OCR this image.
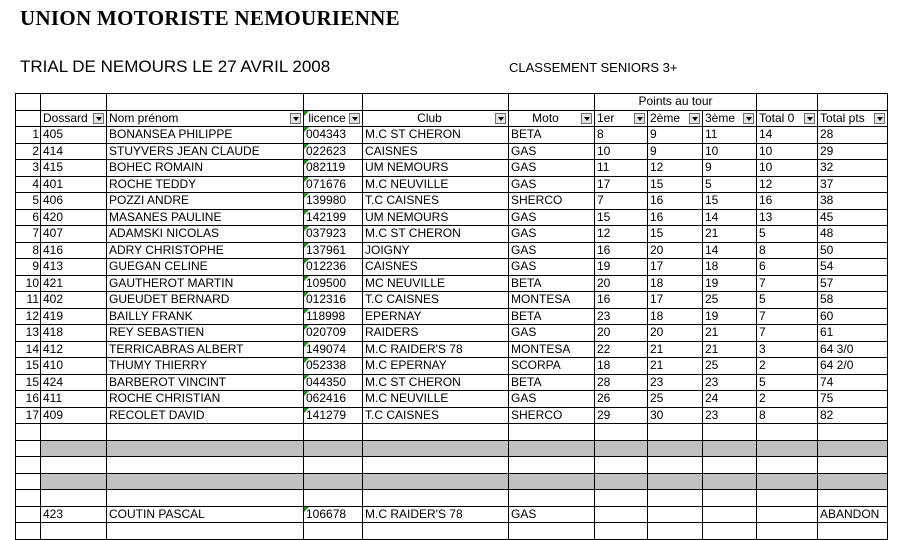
UNION MOTORISTE NEMOURIENNE
TRIAL DE NEMOURS LE 27 AVRIL 2008	CLASSEMENT SENIORS 3+
						Points au tour				

	Dossard	Nom prénom	licence	Club	Moto	1er	2ème	3ème	Total 0	Total pts

1	405	BONANSEA PHILIPPE	004343	M.C ST CHERON	BETA	8	9	11	14	28
2	414	STUYVERS JEAN CLAUDE	022623	CAISNES	GAS	10	9	10	10	29
3	415	BOHEC ROMAIN	082119	UM NEMOURS	GAS	11	12	9	10	32
4	401	ROCHE TEDDY	071676	M.C NEUVILLE	GAS	17	15	5	12	37
5	406	POZZI ANDRE	139980	T.C CAISNES	SHERCO	7	16	15	16	38
6	420	MASANES PAULINE	142199	UM NEMOURS	GAS	15	16	14	13	45
7	407	ADAMSKI NICOLAS	037923	M.C ST CHERON	GAS	12	15	21	5	48
8	416	ADRY CHRISTOPHE	137961	JOIGNY	GAS	16	20	14	8	50
9	413	GUEGAN CELINE	012236	CAISNES	GAS	19	17	18	6	54
10	421	GAUTHEROT MARTIN	109500	MC NEUVILLE	BETA	20	18	19	7	57
11	402	GUEUDET BERNARD	012316	T.C CAISNES	MONTESA	16	17	25	5	58
12	419	BAILLY FRANK	118998	EPERNAY	BETA	23	18	19	7	60
13	418	REY SEBASTIEN	020709	RAIDERS	GAS	20	20	21	7	61
14	412	TERRICABRAS ALBERT	149074	M.C RAIDER'S 78	MONTESA	22	21	21	3	64 3/0
15	410	THUMY THIERRY	052338	M.C EPERNAY	SCORPA	18	21	25	2	64 2/0
15	424	BARBEROT VINCINT	044350	M.C ST CHERON	BETA	28	23	23	5	74
16	411	ROCHE CHRISTIAN	062416	M.C NEUVILLE	GAS	26	25	24	2	75
17	409	RECOLET DAVID	141279	T.C CAISNES	SHERCO	29	30	23	8	82

	423	COUTIN PASCAL	106678	M.C RAIDER'S 78	GAS					ABANDON
